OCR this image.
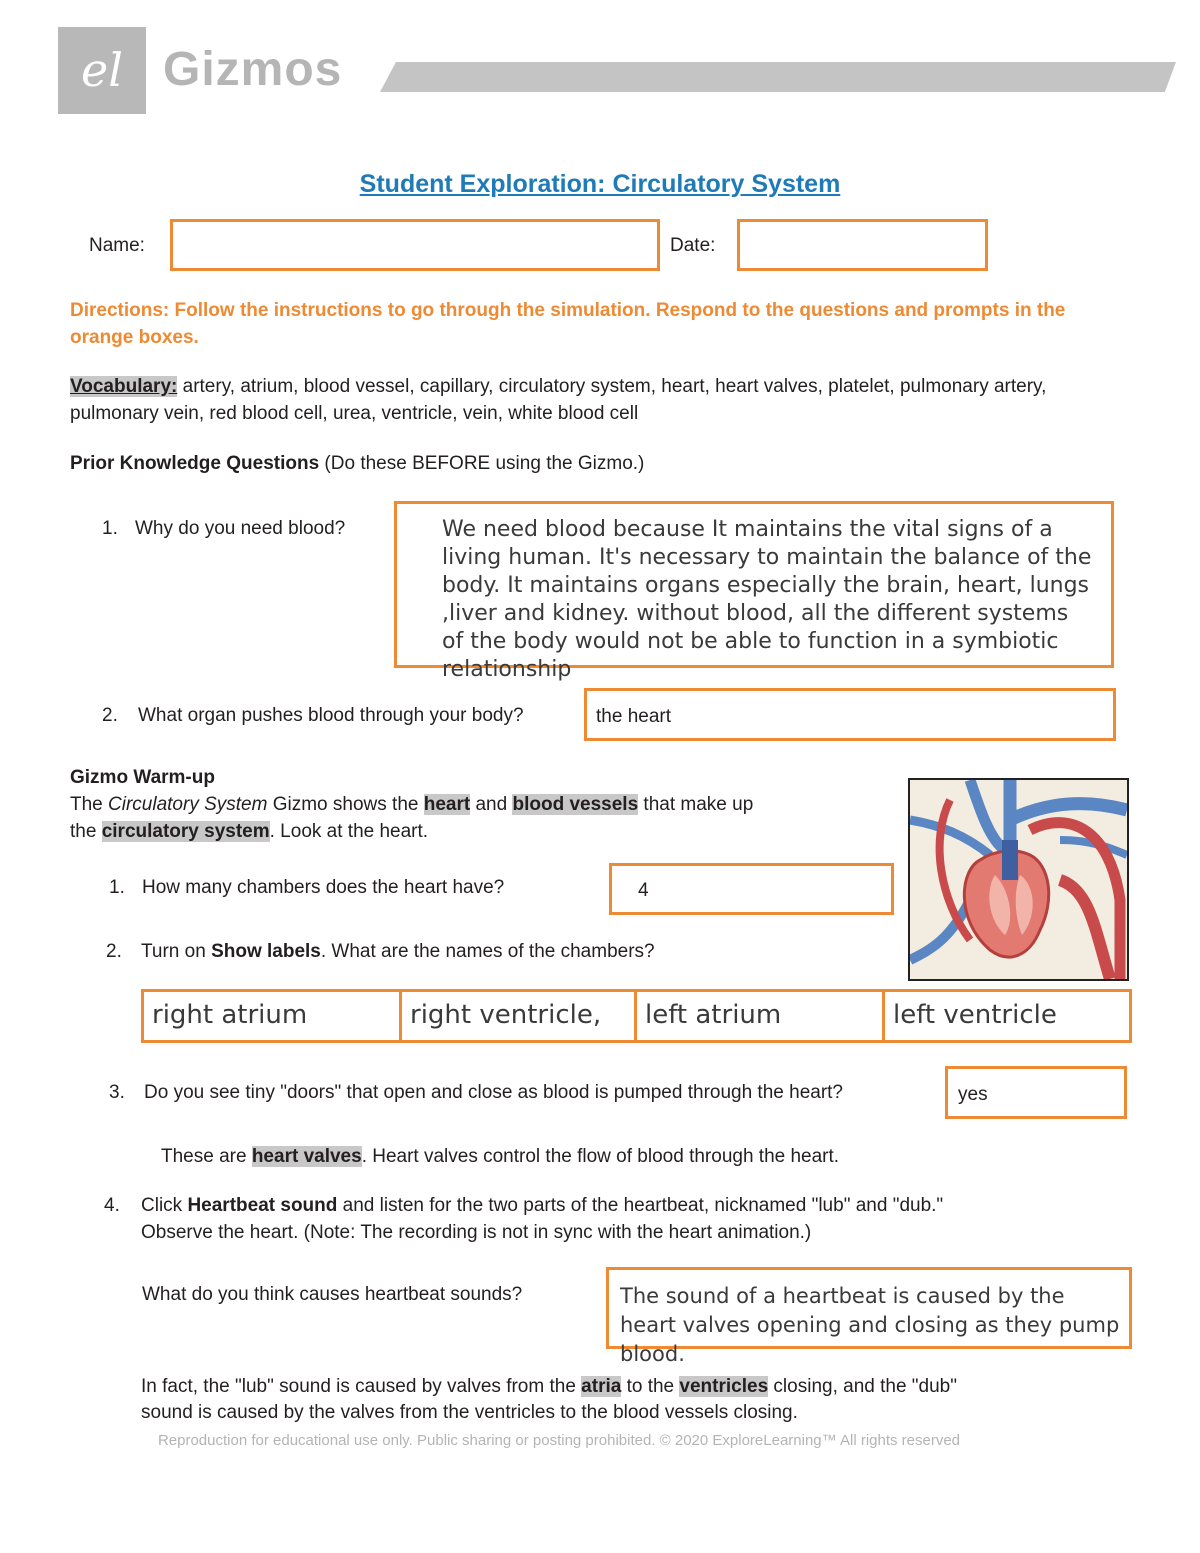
el Gizmos
Student Exploration: Circulatory System
Name:	Date:
Directions: Follow the instructions to go through the simulation. Respond to the questions and prompts in the orange boxes.
Vocabulary: artery, atrium, blood vessel, capillary, circulatory system, heart, heart valves, platelet, pulmonary artery, pulmonary vein, red blood cell, urea, ventricle, vein, white blood cell
Prior Knowledge Questions (Do these BEFORE using the Gizmo.)
1. Why do you need blood?	We need blood because It maintains the vital signs of a living human. It's necessary to maintain the balance of the body. It maintains organs especially the brain, heart, lungs ,liver and kidney. without blood, all the different systems of the body would not be able to function in a symbiotic relationship
2. What organ pushes blood through your body?	the heart
Gizmo Warm-up
The Circulatory System Gizmo shows the heart and blood vessels that make up
the circulatory system. Look at the heart.
1. How many chambers does the heart have?	4
2. Turn on Show labels. What are the names of the chambers?
right atrium	right ventricle,	left atrium	left ventricle
3. Do you see tiny "doors" that open and close as blood is pumped through the heart?	yes
These are heart valves. Heart valves control the flow of blood through the heart.
4. Click Heartbeat sound and listen for the two parts of the heartbeat, nicknamed "lub" and "dub."
Observe the heart. (Note: The recording is not in sync with the heart animation.)
What do you think causes heartbeat sounds?	The sound of a heartbeat is caused by the heart valves opening and closing as they pump blood.
In fact, the "lub" sound is caused by valves from the atria to the ventricles closing, and the "dub"
sound is caused by the valves from the ventricles to the blood vessels closing.
Reproduction for educational use only. Public sharing or posting prohibited. © 2020 ExploreLearning™ All rights reserved
